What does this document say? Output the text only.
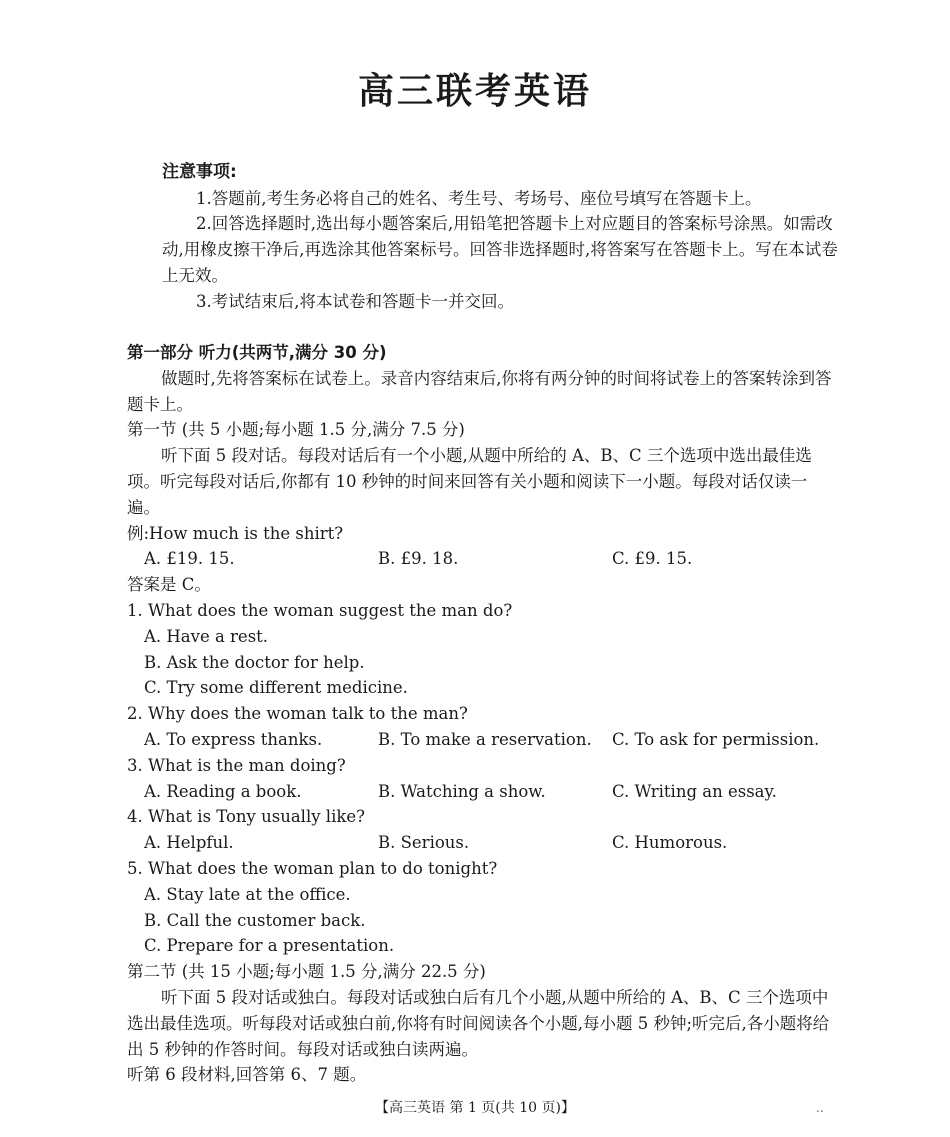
高三联考英语
注意事项:
1.答题前,考生务必将自己的姓名、考生号、考场号、座位号填写在答题卡上。
2.回答选择题时,选出每小题答案后,用铅笔把答题卡上对应题目的答案标号涂黑。如需改动,用橡皮擦干净后,再选涂其他答案标号。回答非选择题时,将答案写在答题卡上。写在本试卷上无效。
3.考试结束后,将本试卷和答题卡一并交回。
第一部分 听力(共两节,满分 30 分)
做题时,先将答案标在试卷上。录音内容结束后,你将有两分钟的时间将试卷上的答案转涂到答题卡上。
第一节 (共 5 小题;每小题 1.5 分,满分 7.5 分)
听下面 5 段对话。每段对话后有一个小题,从题中所给的 A、B、C 三个选项中选出最佳选项。听完每段对话后,你都有 10 秒钟的时间来回答有关小题和阅读下一小题。每段对话仅读一遍。
例:How much is the shirt?
A. £19. 15.	B. £9. 18.	C. £9. 15.
答案是 C。
1. What does the woman suggest the man do?
A. Have a rest.
B. Ask the doctor for help.
C. Try some different medicine.
2. Why does the woman talk to the man?
A. To express thanks.	B. To make a reservation. C. To ask for permission.
3. What is the man doing?
A. Reading a book.	B. Watching a show.	C. Writing an essay.
4. What is Tony usually like?
A. Helpful.	B. Serious.	C. Humorous.
5. What does the woman plan to do tonight?
A. Stay late at the office.
B. Call the customer back.
C. Prepare for a presentation.
第二节 (共 15 小题;每小题 1.5 分,满分 22.5 分)
听下面 5 段对话或独白。每段对话或独白后有几个小题,从题中所给的 A、B、C 三个选项中选出最佳选项。听每段对话或独白前,你将有时间阅读各个小题,每小题 5 秒钟;听完后,各小题将给出 5 秒钟的作答时间。每段对话或独白读两遍。
听第 6 段材料,回答第 6、7 题。
【高三英语 第 1 页(共 10 页)】	..
